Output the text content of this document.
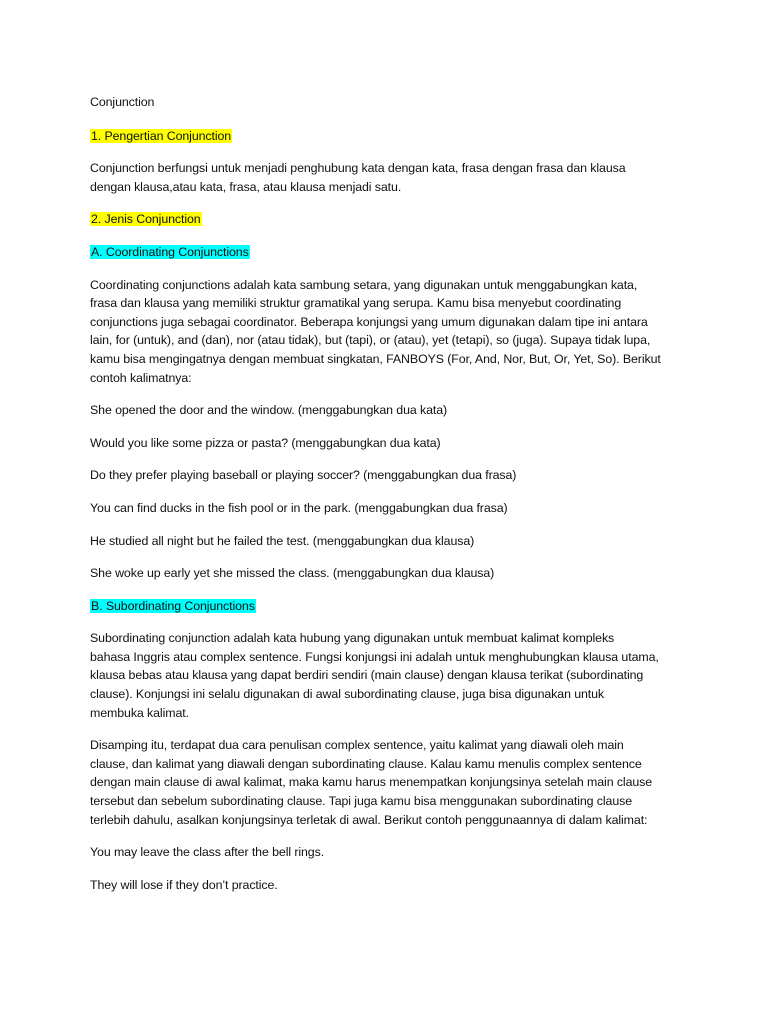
Conjunction

1. Pengertian Conjunction
Conjunction berfungsi untuk menjadi penghubung kata dengan kata, frasa dengan frasa dan klausa
dengan klausa,atau kata, frasa, atau klausa menjadi satu.
2. Jenis Conjunction
A. Coordinating Conjunctions
Coordinating conjunctions adalah kata sambung setara, yang digunakan untuk menggabungkan kata,
frasa dan klausa yang memiliki struktur gramatikal yang serupa. Kamu bisa menyebut coordinating
conjunctions juga sebagai coordinator. Beberapa konjungsi yang umum digunakan dalam tipe ini antara
lain, for (untuk), and (dan), nor (atau tidak), but (tapi), or (atau), yet (tetapi), so (juga). Supaya tidak lupa,
kamu bisa mengingatnya dengan membuat singkatan, FANBOYS (For, And, Nor, But, Or, Yet, So). Berikut
contoh kalimatnya:

She opened the door and the window. (menggabungkan dua kata)

Would you like some pizza or pasta? (menggabungkan dua kata)

Do they prefer playing baseball or playing soccer? (menggabungkan dua frasa)

You can find ducks in the fish pool or in the park. (menggabungkan dua frasa)

He studied all night but he failed the test. (menggabungkan dua klausa)

She woke up early yet she missed the class. (menggabungkan dua klausa)

B. Subordinating Conjunctions
Subordinating conjunction adalah kata hubung yang digunakan untuk membuat kalimat kompleks
bahasa Inggris atau complex sentence. Fungsi konjungsi ini adalah untuk menghubungkan klausa utama,
klausa bebas atau klausa yang dapat berdiri sendiri (main clause) dengan klausa terikat (subordinating
clause). Konjungsi ini selalu digunakan di awal subordinating clause, juga bisa digunakan untuk
membuka kalimat.
Disamping itu, terdapat dua cara penulisan complex sentence, yaitu kalimat yang diawali oleh main
clause, dan kalimat yang diawali dengan subordinating clause. Kalau kamu menulis complex sentence
dengan main clause di awal kalimat, maka kamu harus menempatkan konjungsinya setelah main clause
tersebut dan sebelum subordinating clause. Tapi juga kamu bisa menggunakan subordinating clause
terlebih dahulu, asalkan konjungsinya terletak di awal. Berikut contoh penggunaannya di dalam kalimat:

You may leave the class after the bell rings.

They will lose if they don’t practice.
